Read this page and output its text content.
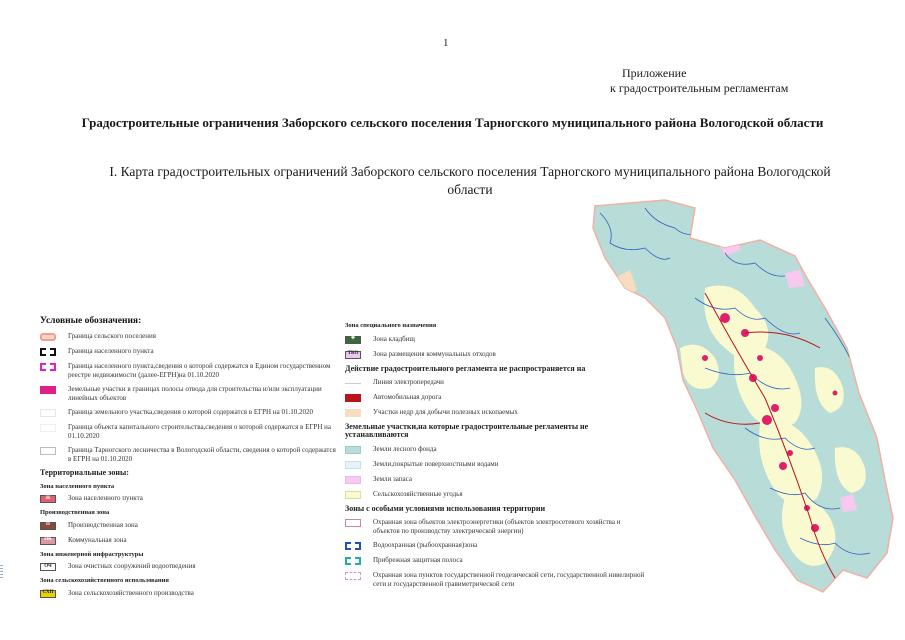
1
Приложение
к градостроительным регламентам
Градостроительные ограничения Заборского сельского поселения Тарногского муниципального района Вологодской области
I. Карта градостроительных ограничений Заборского сельского поселения Тарногского муниципального района Вологодской области
Условные обозначения:
Граница сельского поселения
Граница населенного пункта
Граница населенного пункта,сведения о которой содержатся в Едином государственном реестре недвижимости (далее-ЕГРН)на 01.10.2020
Земельные участки в границах полосы отвода для строительства и/или эксплуатации линейных объектов
Граница земельного участка,сведения о которой содержатся в ЕГРН на 01.10.2020
Граница объекта капитального строительства,сведения о которой содержатся в ЕГРН на 01.10.2020
Граница Тарногского лесничества в Вологодской области, сведения о которой содержатся в ЕГРН на 01.10.2020
Территориальные зоны:
Зона населенного пункта
Ж	Зона населенного пункта
Производственная зона
П	Производственная зона
ПК	Коммунальная зона
Зона инженерной инфраструктуры
ОЧ	Зона очистных сооружений водоотведения
Зона сельскохозяйственного использования
СХП	Зона сельскохозяйственного производства
Зона специального назначения
✚	Зона кладбищ
ТКО	Зона размещения коммунальных отходов
Действие градостроительного регламента не распространяется на
Линия электропередачи
Автомобильная дорога
Участки недр для добычи полезных ископаемых
Земельные участки,на которые градостроительные регламенты не устанавливаются
Земли лесного фонда
Земли,покрытые поверхностными водами
Земли запаса
Сельскохозяйственные угодья
Зоны с особыми условиями использования территории
Охранная зона объектов электроэнергетики (объектов электросетевого хозяйства и объектов по производству электрической энергии)
Водоохранная (рыбоохранная)зона
Прибрежная защитная полоса
Охранная зона пунктов государственной геодезической сети, государственной нивелирной сети и государственной гравиметрической сети
